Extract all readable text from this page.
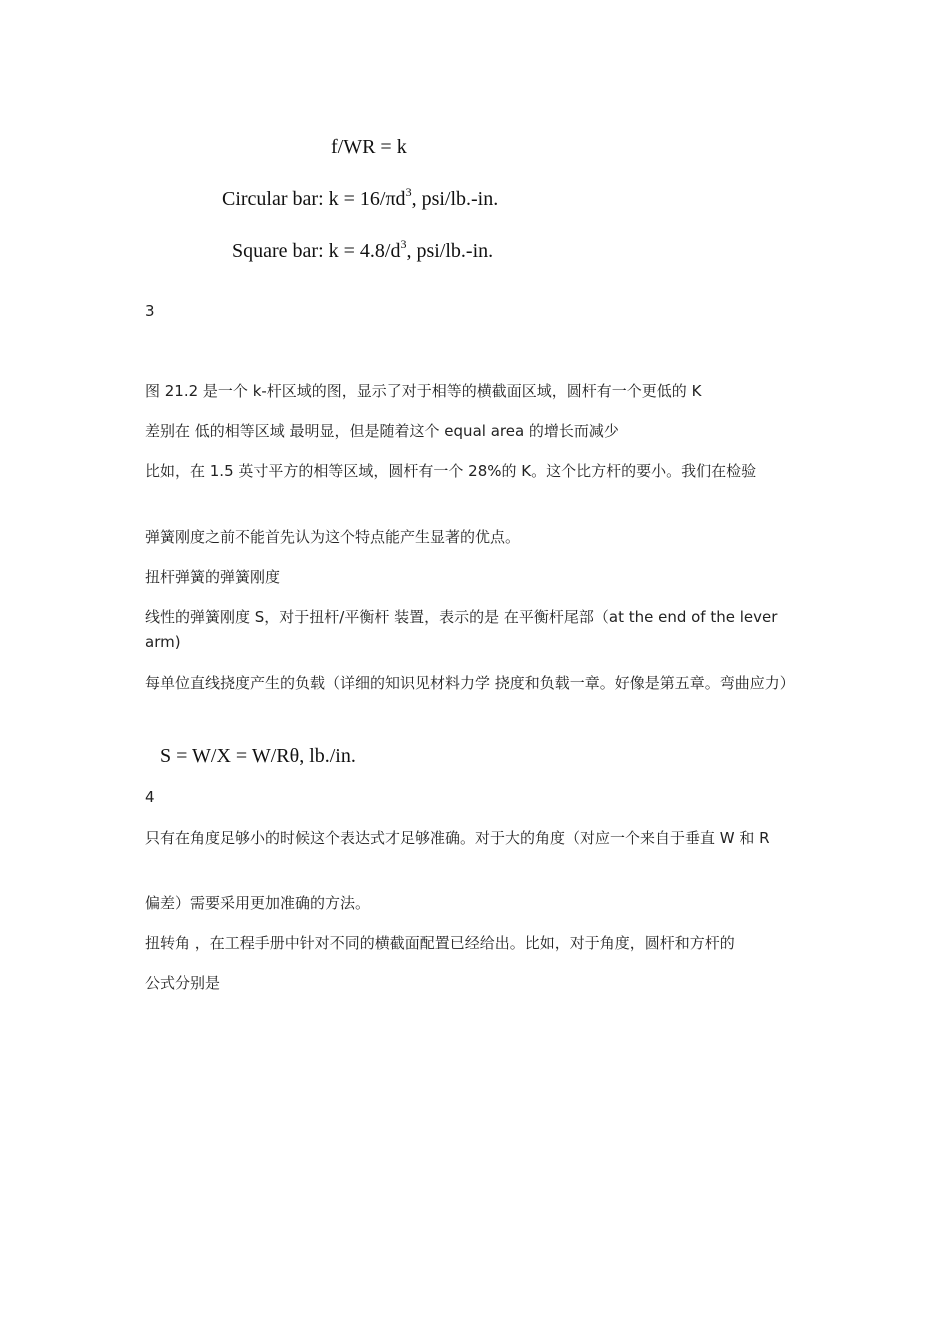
f/WR = k
Circular bar: $k = 16/\pi d^3$, psi/lb.-in.
Square bar: $k = 4.8/d^3$, psi/lb.-in.

3

图 21.2 是一个 k-杆区域的图，显示了对于相等的横截面区域，圆杆有一个更低的 K

差别在 低的相等区域 最明显，但是随着这个 equal area 的增长而减少

比如，在 1.5 英寸平方的相等区域，圆杆有一个 28%的 K。这个比方杆的要小。我们在检验

弹簧刚度之前不能首先认为这个特点能产生显著的优点。

扭杆弹簧的弹簧刚度

线性的弹簧刚度 S，对于扭杆/平衡杆 装置，表示的是 在平衡杆尾部（at the end of the lever arm)

每单位直线挠度产生的负载（详细的知识见材料力学 挠度和负载一章。好像是第五章。弯曲应力）

S = W/X = W/Rθ, lb./in.

4

只有在角度足够小的时候这个表达式才足够准确。对于大的角度（对应一个来自于垂直 W 和 R

偏差）需要采用更加准确的方法。

扭转角 ，在工程手册中针对不同的横截面配置已经给出。比如，对于角度，圆杆和方杆的

公式分别是
